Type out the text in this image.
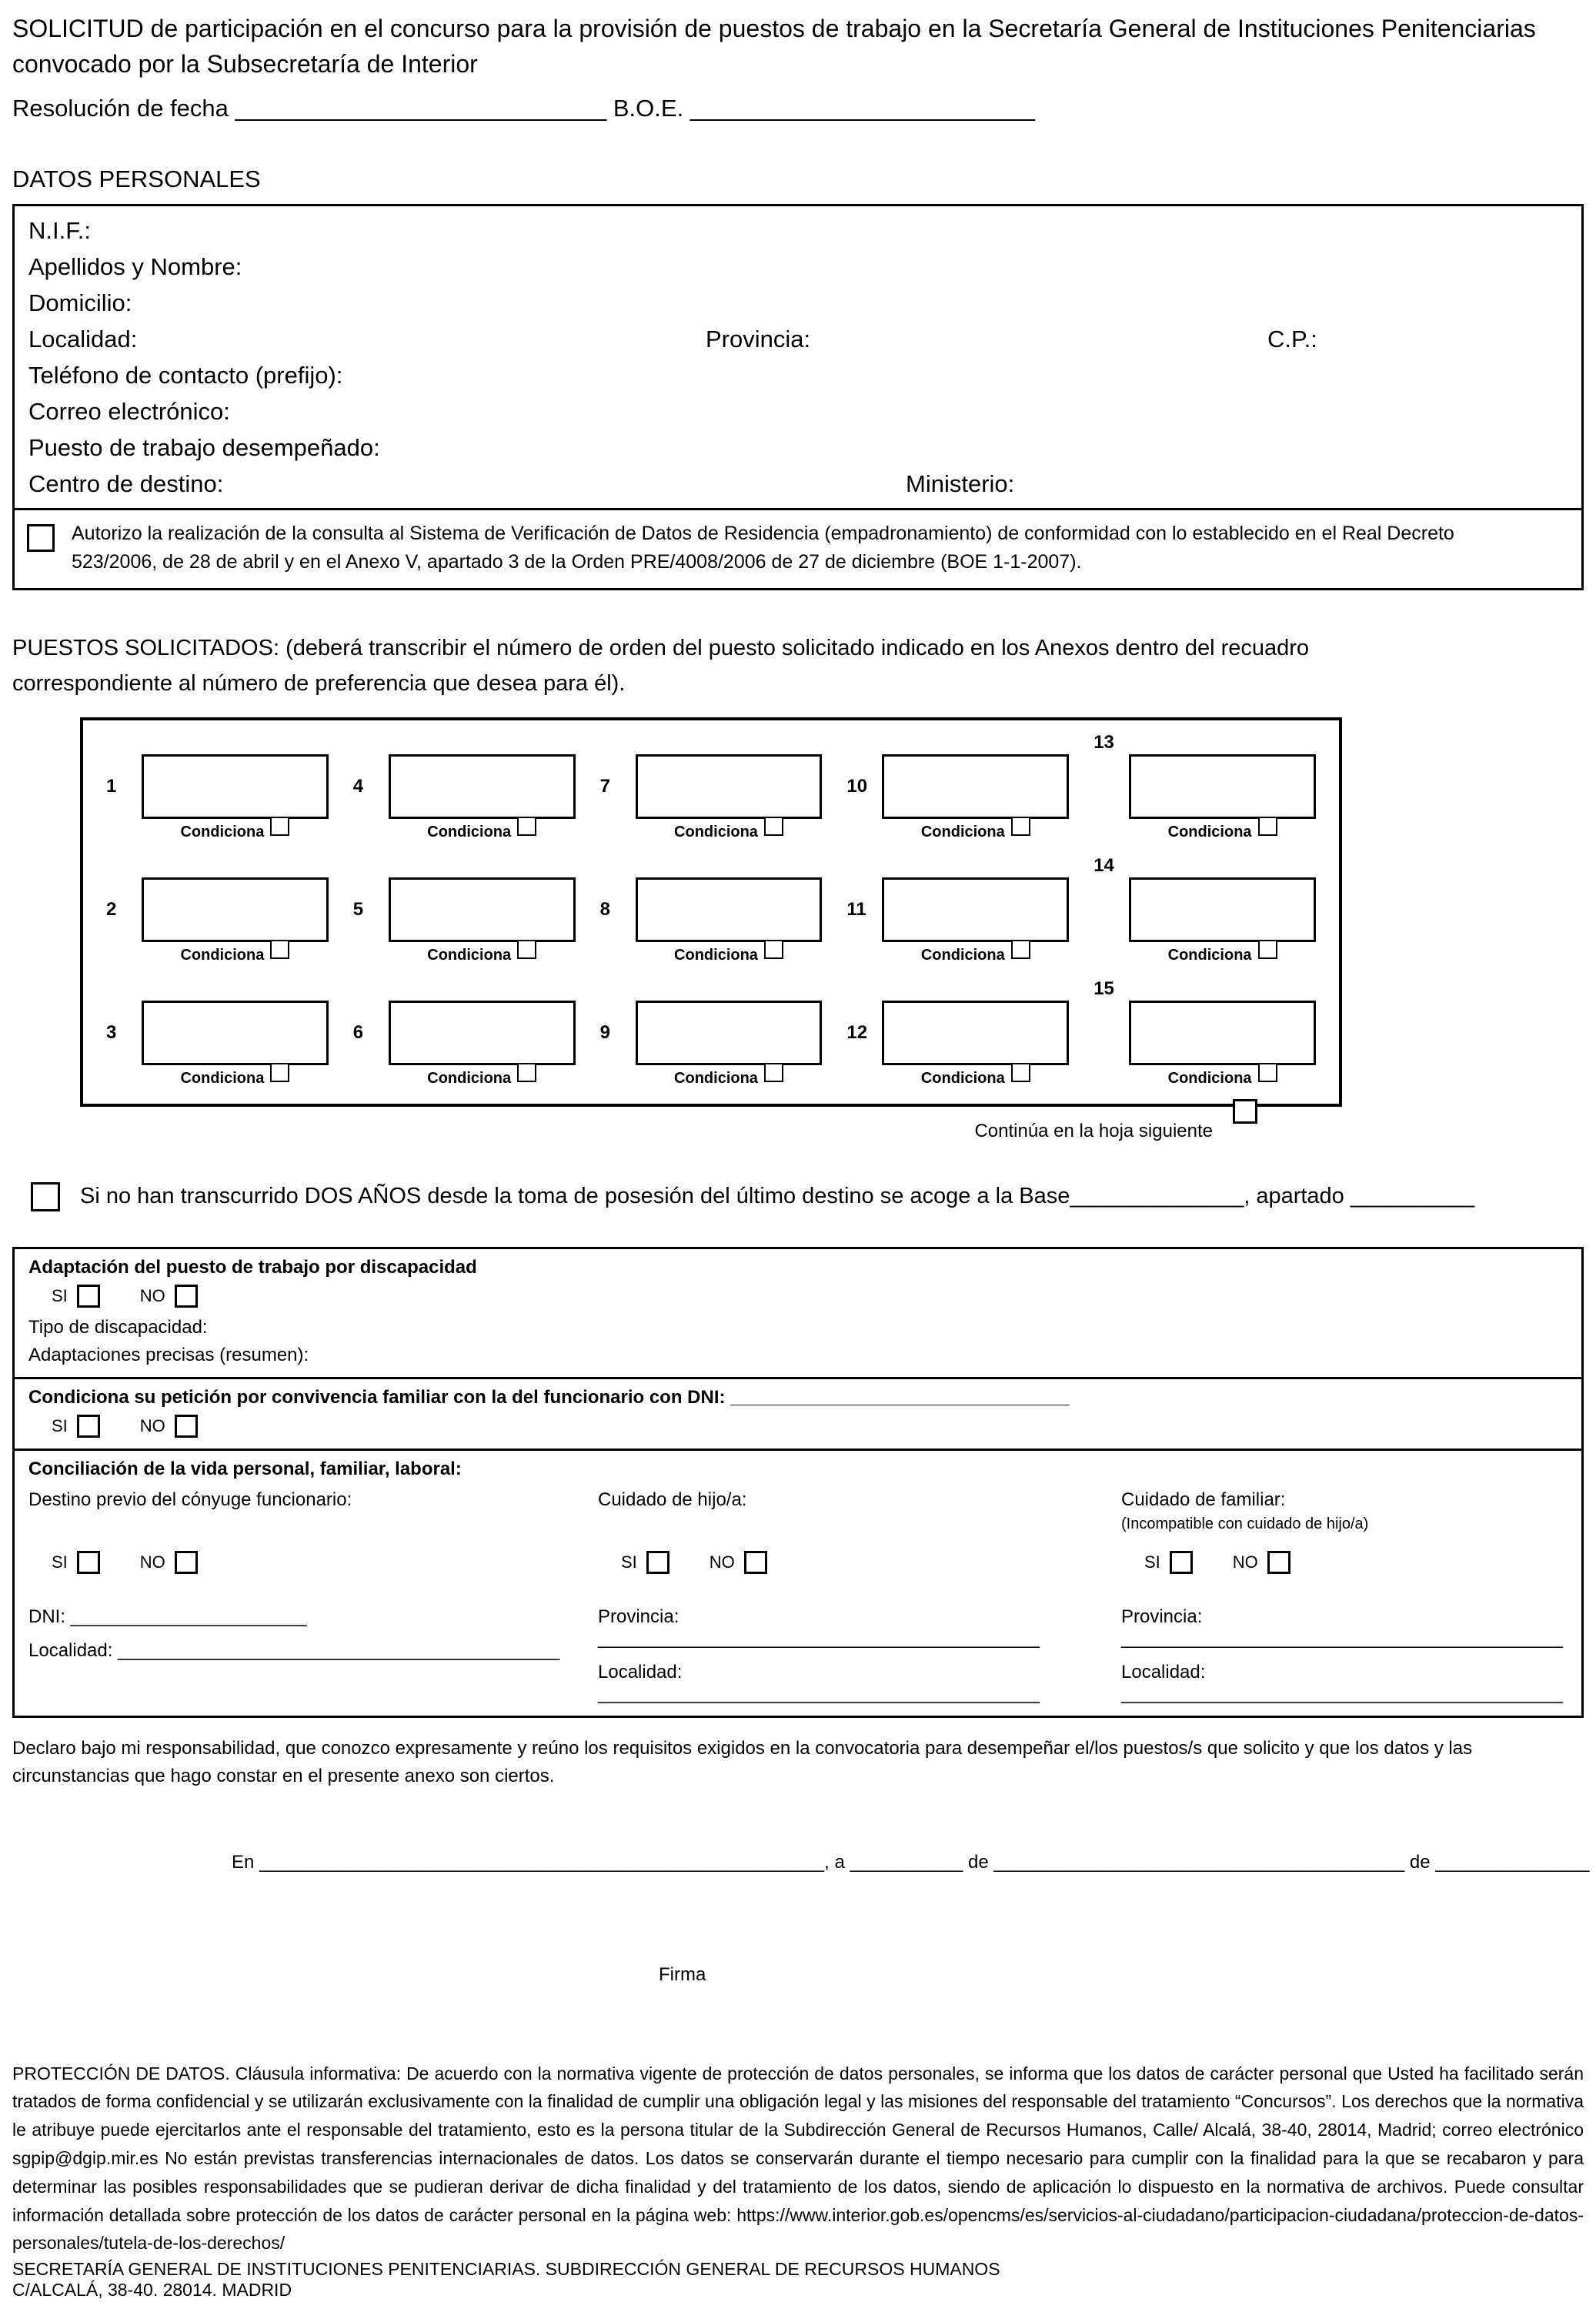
SOLICITUD de participación en el concurso para la provisión de puestos de trabajo en la Secretaría General de Instituciones Penitenciarias convocado por la Subsecretaría de Interior

Resolución de fecha ____________________________ B.O.E. __________________________

DATOS PERSONALES

N.I.F.:
Apellidos y Nombre:
Domicilio:
Localidad:	Provincia:	C.P.:
Teléfono de contacto (prefijo):
Correo electrónico:
Puesto de trabajo desempeñado:
Centro de destino:	Ministerio:

Autorizo la realización de la consulta al Sistema de Verificación de Datos de Residencia (empadronamiento) de conformidad con lo establecido en el Real Decreto 523/2006, de 28 de abril y en el Anexo V, apartado 3 de la Orden PRE/4008/2006 de 27 de diciembre (BOE 1-1-2007).

PUESTOS SOLICITADOS: (deberá transcribir el número de orden del puesto solicitado indicado en los Anexos dentro del recuadro correspondiente al número de preferencia que desea para él).

1
Condiciona
4
Condiciona
7
Condiciona
10
Condiciona
13
Condiciona
2
Condiciona
5
Condiciona
8
Condiciona
11
Condiciona
14
Condiciona
3
Condiciona
6
Condiciona
9
Condiciona
12
Condiciona
15
Condiciona
Continúa en la hoja siguiente
Si no han transcurrido DOS AÑOS desde la toma de posesión del último destino se acoge a la Base______________, apartado __________

Adaptación del puesto de trabajo por discapacidad

SI	NO

Tipo de discapacidad:

Adaptaciones precisas (resumen):

Condiciona su petición por convivencia familiar con la del funcionario con DNI: _________________________________

SI	NO

Conciliación de la vida personal, familiar, laboral:

Destino previo del cónyuge funcionario:

SI	NO

DNI: _______________________

Localidad: ___________________________________________

Cuidado de hijo/a:

SI	NO

Provincia: ___________________________________________

Localidad: ___________________________________________

Cuidado de familiar:

(Incompatible con cuidado de hijo/a)

SI	NO

Provincia: ___________________________________________

Localidad: ___________________________________________

Declaro bajo mi responsabilidad, que conozco expresamente y reúno los requisitos exigidos en la convocatoria para desempeñar el/los puestos/s que solicito y que los datos y las circunstancias que hago constar en el presente anexo son ciertos.

En _______________________________________________________, a ___________ de ________________________________________ de _______________

Firma

PROTECCIÓN DE DATOS. Cláusula informativa: De acuerdo con la normativa vigente de protección de datos personales, se informa que los datos de carácter personal que Usted ha facilitado serán tratados de forma confidencial y se utilizarán exclusivamente con la finalidad de cumplir una obligación legal y las misiones del responsable del tratamiento “Concursos”. Los derechos que la normativa le atribuye puede ejercitarlos ante el responsable del tratamiento, esto es la persona titular de la Subdirección General de Recursos Humanos, Calle/ Alcalá, 38-40, 28014, Madrid; correo electrónico sgpip@dgip.mir.es No están previstas transferencias internacionales de datos. Los datos se conservarán durante el tiempo necesario para cumplir con la finalidad para la que se recabaron y para determinar las posibles responsabilidades que se pudieran derivar de dicha finalidad y del tratamiento de los datos, siendo de aplicación lo dispuesto en la normativa de archivos. Puede consultar información detallada sobre protección de los datos de carácter personal en la página web: https://www.interior.gob.es/opencms/es/servicios-al-ciudadano/participacion-ciudadana/proteccion-de-datos-personales/tutela-de-los-derechos/

SECRETARÍA GENERAL DE INSTITUCIONES PENITENCIARIAS. SUBDIRECCIÓN GENERAL DE RECURSOS HUMANOS

C/ALCALÁ, 38-40. 28014. MADRID
